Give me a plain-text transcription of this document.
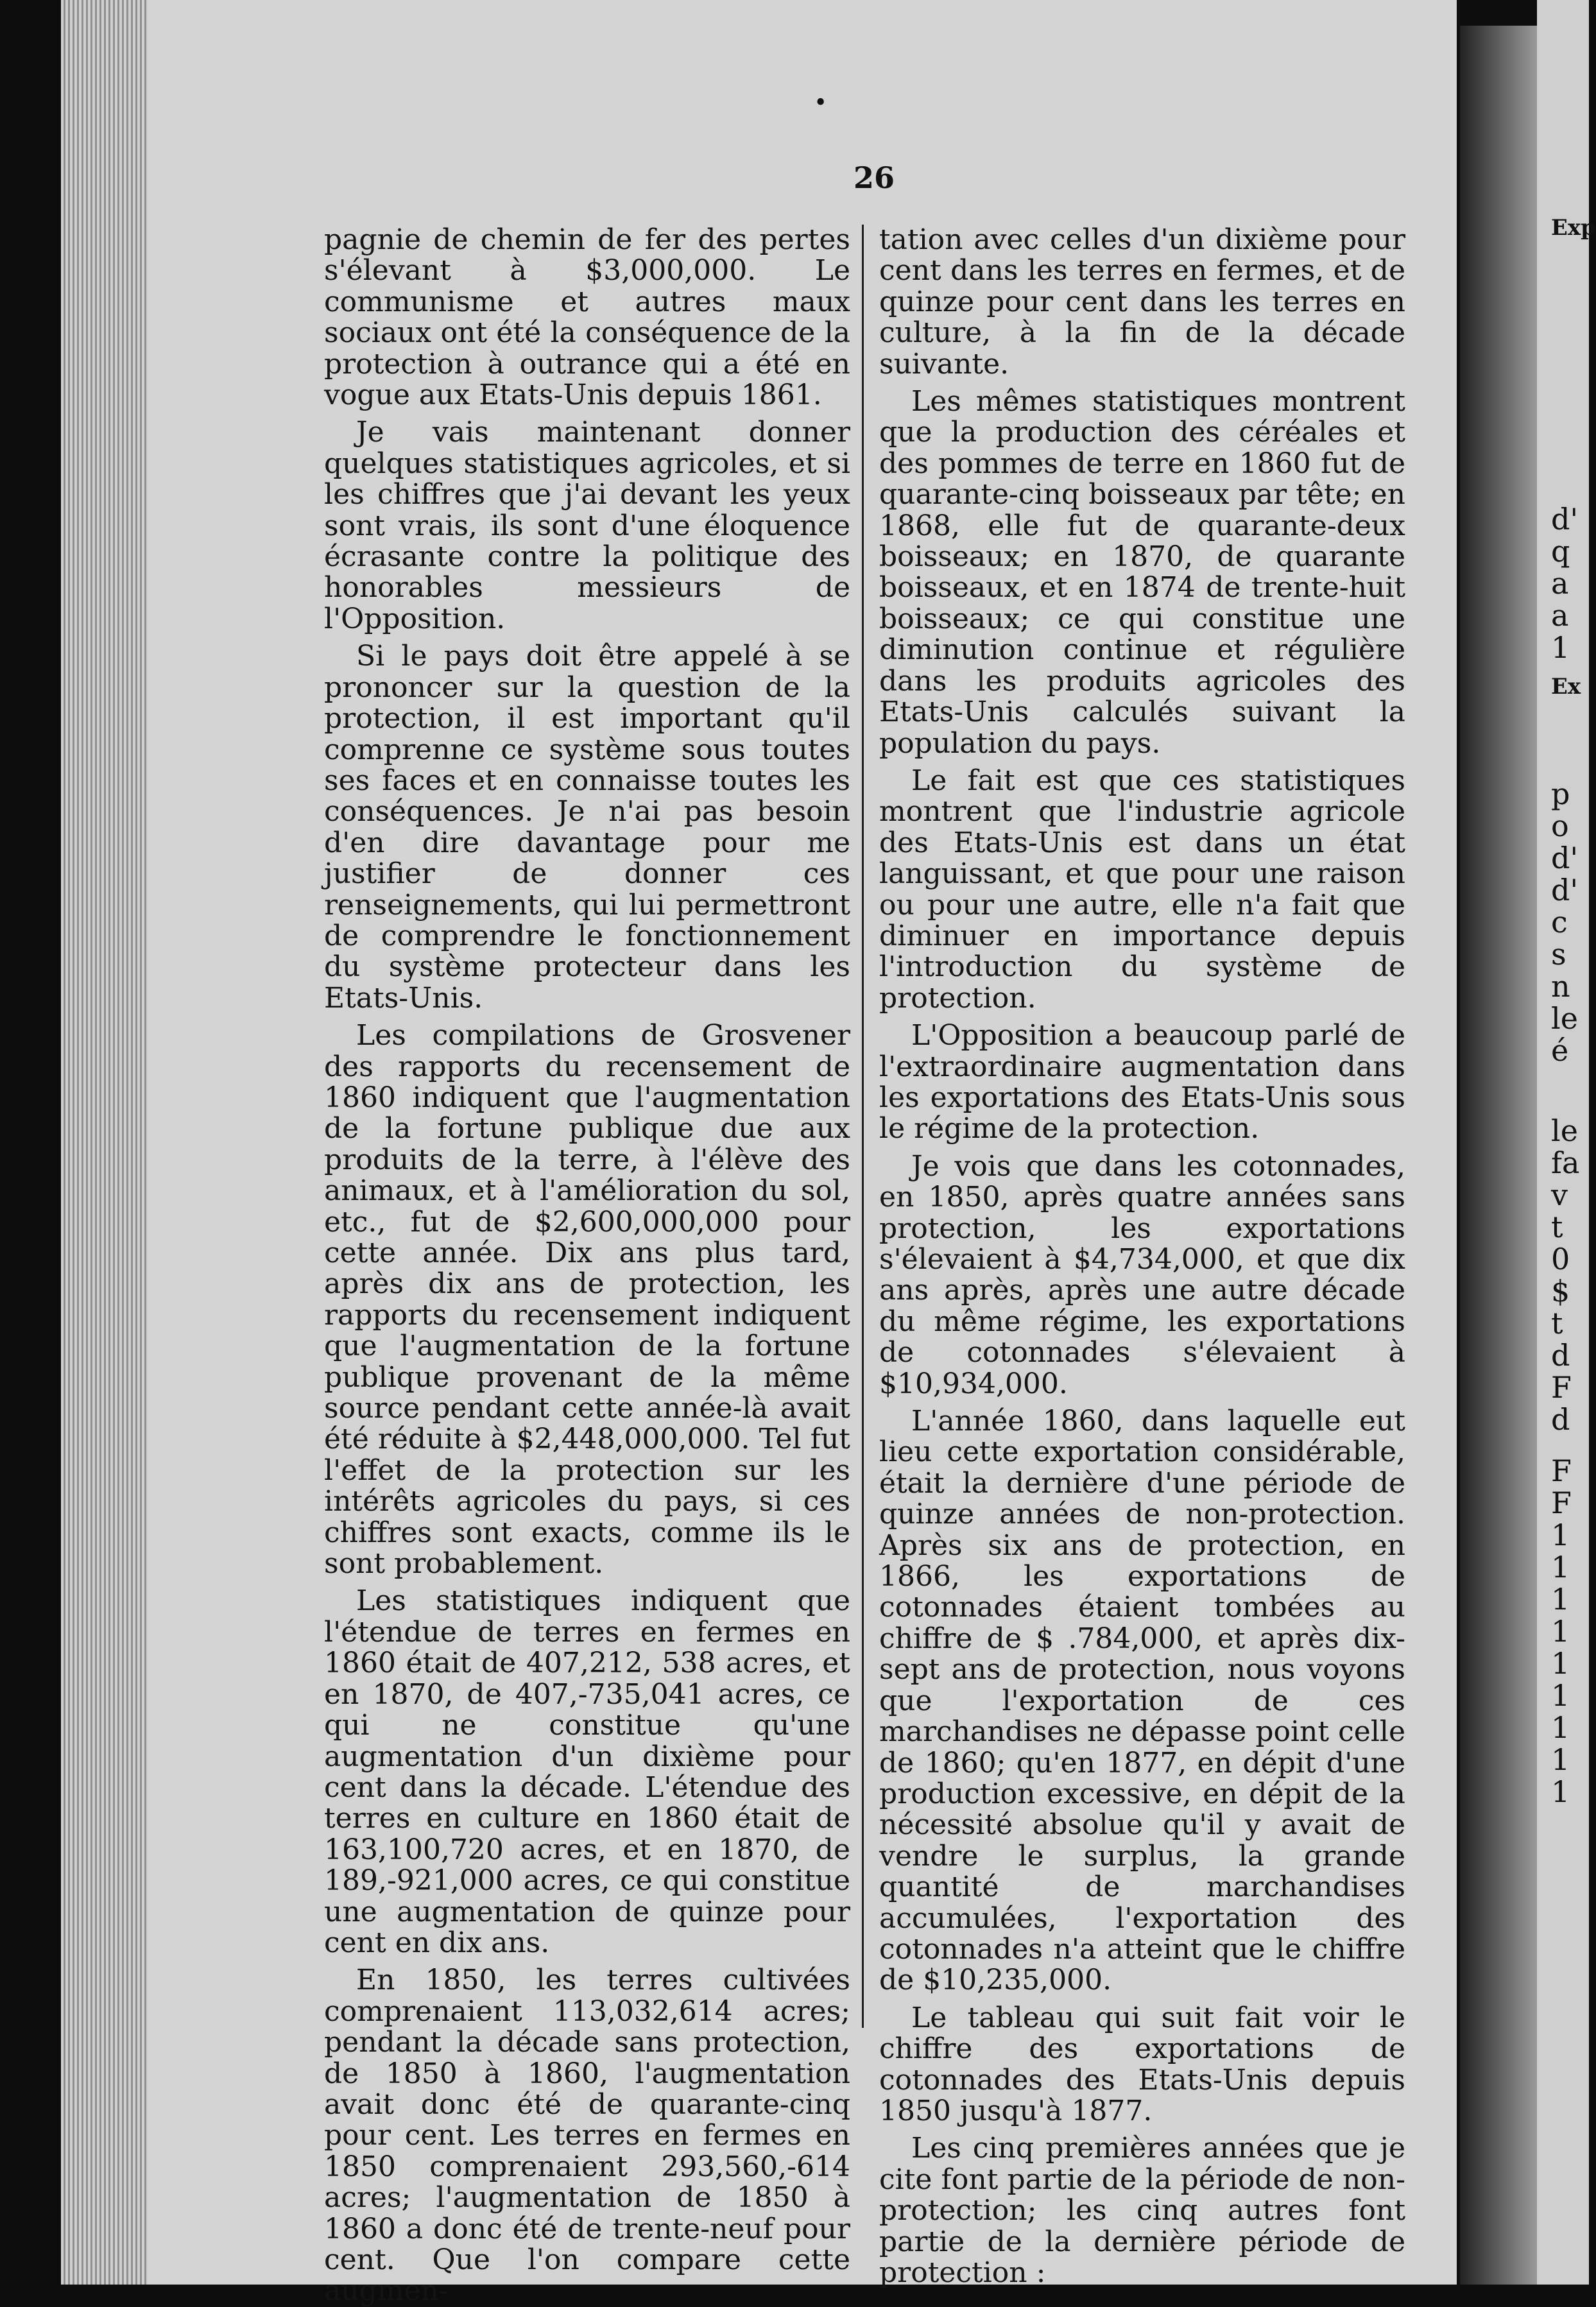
Exp
d'
q
a
a
1
Ex
p
o
d'
d'
c
s
n
le
é
le
fa
v
t
0
$
t
d
F
d
F
F
1
1
1
1
1
1
1
1
1
•
26

pagnie de chemin de fer des pertes s'élevant à $3,000,000. Le communisme et autres maux sociaux ont été la conséquence de la protection à outrance qui a été en vogue aux Etats-Unis depuis 1861.

Je vais maintenant donner quelques statistiques agricoles, et si les chiffres que j'ai devant les yeux sont vrais, ils sont d'une éloquence écrasante contre la politique des honorables messieurs de l'Opposition.

Si le pays doit être appelé à se prononcer sur la question de la protection, il est important qu'il comprenne ce système sous toutes ses faces et en connaisse toutes les conséquences. Je n'ai pas besoin d'en dire davantage pour me justifier de donner ces renseignements, qui lui permettront de comprendre le fonctionnement du système protecteur dans les Etats-Unis.

Les compilations de Grosvener des rapports du recensement de 1860 indiquent que l'augmentation de la fortune publique due aux produits de la terre, à l'élève des animaux, et à l'amélioration du sol, etc., fut de $2,600,000,000 pour cette année. Dix ans plus tard, après dix ans de protection, les rapports du recensement indiquent que l'augmentation de la fortune publique provenant de la même source pendant cette année-là avait été réduite à $2,448,000,000. Tel fut l'effet de la protection sur les intérêts agricoles du pays, si ces chiffres sont exacts, comme ils le sont probablement.

Les statistiques indiquent que l'étendue de terres en fermes en 1860 était de 407,212, 538 acres, et en 1870, de 407,-735,041 acres, ce qui ne constitue qu'une augmentation d'un dixième pour cent dans la décade. L'étendue des terres en culture en 1860 était de 163,100,720 acres, et en 1870, de 189,-921,000 acres, ce qui constitue une augmentation de quinze pour cent en dix ans.

En 1850, les terres cultivées comprenaient 113,032,614 acres; pendant la décade sans protection, de 1850 à 1860, l'augmentation avait donc été de quarante-cinq pour cent. Les terres en fermes en 1850 comprenaient 293,560,-614 acres; l'augmentation de 1850 à 1860 a donc été de trente-neuf pour cent. Que l'on compare cette augmen-

tation avec celles d'un dixième pour cent dans les terres en fermes, et de quinze pour cent dans les terres en culture, à la fin de la décade suivante.

Les mêmes statistiques montrent que la production des céréales et des pommes de terre en 1860 fut de quarante-cinq boisseaux par tête; en 1868, elle fut de quarante-deux boisseaux; en 1870, de quarante boisseaux, et en 1874 de trente-huit boisseaux; ce qui constitue une diminution continue et régulière dans les produits agricoles des Etats-Unis calculés suivant la population du pays.

Le fait est que ces statistiques montrent que l'industrie agricole des Etats-Unis est dans un état languissant, et que pour une raison ou pour une autre, elle n'a fait que diminuer en importance depuis l'introduction du système de protection.

L'Opposition a beaucoup parlé de l'extraordinaire augmentation dans les exportations des Etats-Unis sous le régime de la protection.

Je vois que dans les cotonnades, en 1850, après quatre années sans protection, les exportations s'élevaient à $4,734,000, et que dix ans après, après une autre décade du même régime, les exportations de cotonnades s'élevaient à $10,934,000.

L'année 1860, dans laquelle eut lieu cette exportation considérable, était la dernière d'une période de quinze années de non-protection. Après six ans de protection, en 1866, les exportations de cotonnades étaient tombées au chiffre de $ .784,000, et après dix-sept ans de protection, nous voyons que l'exportation de ces marchandises ne dépasse point celle de 1860; qu'en 1877, en dépit d'une production excessive, en dépit de la nécessité absolue qu'il y avait de vendre le surplus, la grande quantité de marchandises accumulées, l'exportation des cotonnades n'a atteint que le chiffre de $10,235,000.

Le tableau qui suit fait voir le chiffre des exportations de cotonnades des Etats-Unis depuis 1850 jusqu'à 1877.

Les cinq premières années que je cite font partie de la période de non-protection; les cinq autres font partie de la dernière période de protection :
